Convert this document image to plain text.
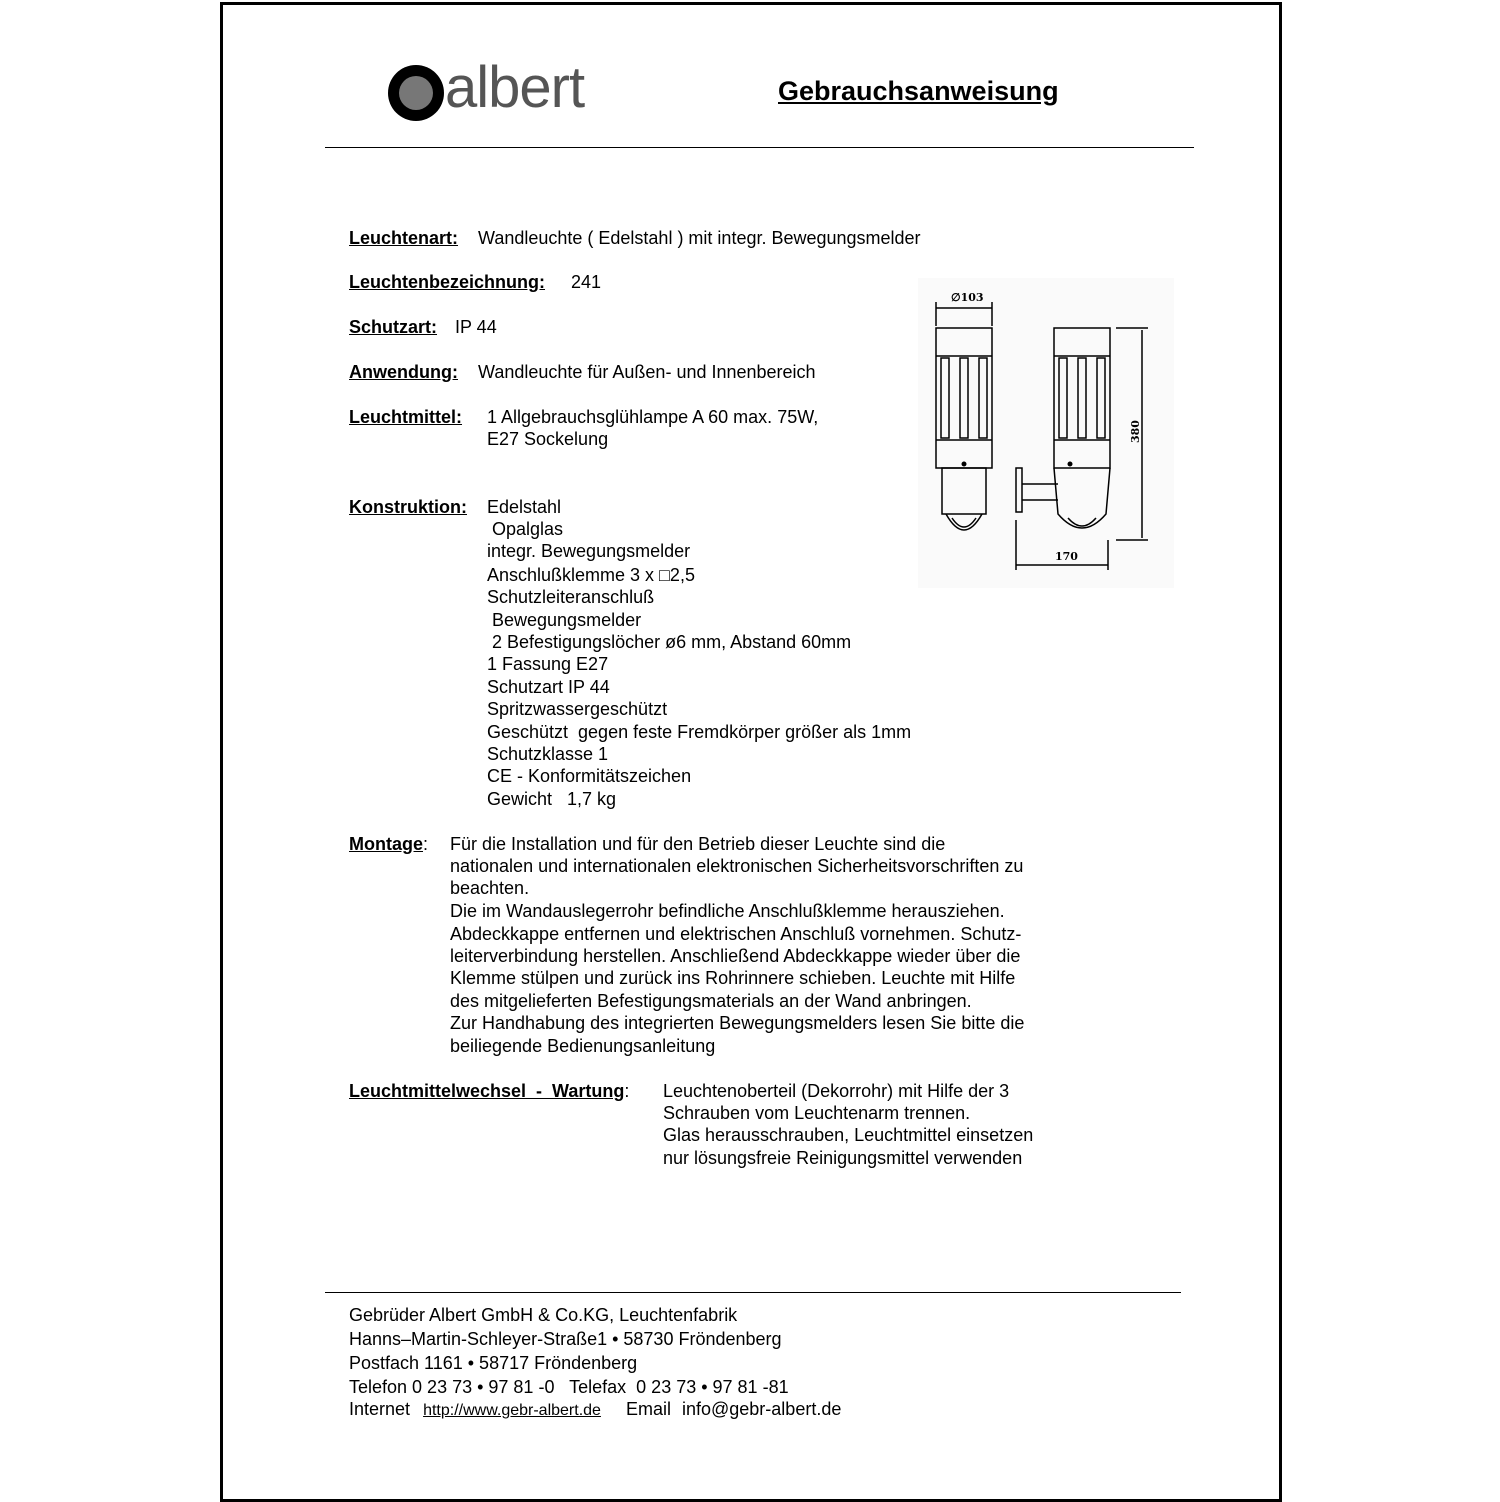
albert	Gebrauchsanweisung
Leuchtenart: Wandleuchte ( Edelstahl ) mit integr. Bewegungsmelder
Leuchtenbezeichnung: 241
Schutzart: IP 44
Anwendung: Wandleuchte für Außen- und Innenbereich
Leuchtmittel: 1 Allgebrauchsglühlampe A 60 max. 75W,
E27 Sockelung
Konstruktion: Edelstahl
Opalglas
integr. Bewegungsmelder
Anschlußklemme 3 x □2,5
Schutzleiteranschluß
Bewegungsmelder
2 Befestigungslöcher ø6 mm, Abstand 60mm
1 Fassung E27
Schutzart IP 44
Spritzwassergeschützt
Geschützt  gegen feste Fremdkörper größer als 1mm
Schutzklasse 1
CE - Konformitätszeichen
Gewicht   1,7 kg
Montage: Für die Installation und für den Betrieb dieser Leuchte sind die
nationalen und internationalen elektronischen Sicherheitsvorschriften zu
beachten.
Die im Wandauslegerrohr befindliche Anschlußklemme herausziehen.
Abdeckkappe entfernen und elektrischen Anschluß vornehmen. Schutz-
leiterverbindung herstellen. Anschließend Abdeckkappe wieder über die
Klemme stülpen und zurück ins Rohrinnere schieben. Leuchte mit Hilfe
des mitgelieferten Befestigungsmaterials an der Wand anbringen.
Zur Handhabung des integrierten Bewegungsmelders lesen Sie bitte die
beiliegende Bedienungsanleitung
Leuchtmittelwechsel  -  Wartung: Leuchtenoberteil (Dekorrohr) mit Hilfe der 3
Schrauben vom Leuchtenarm trennen.
Glas herausschrauben, Leuchtmittel einsetzen
nur lösungsfreie Reinigungsmittel verwenden
∅103
380
170
Gebrüder Albert GmbH & Co.KG, Leuchtenfabrik
Hanns–Martin-Schleyer-Straße1 • 58730 Fröndenberg
Postfach 1161 • 58717 Fröndenberg
Telefon 0 23 73 • 97 81 -0   Telefax  0 23 73 • 97 81 -81
Internet http://www.gebr-albert.de Email info@gebr-albert.de
